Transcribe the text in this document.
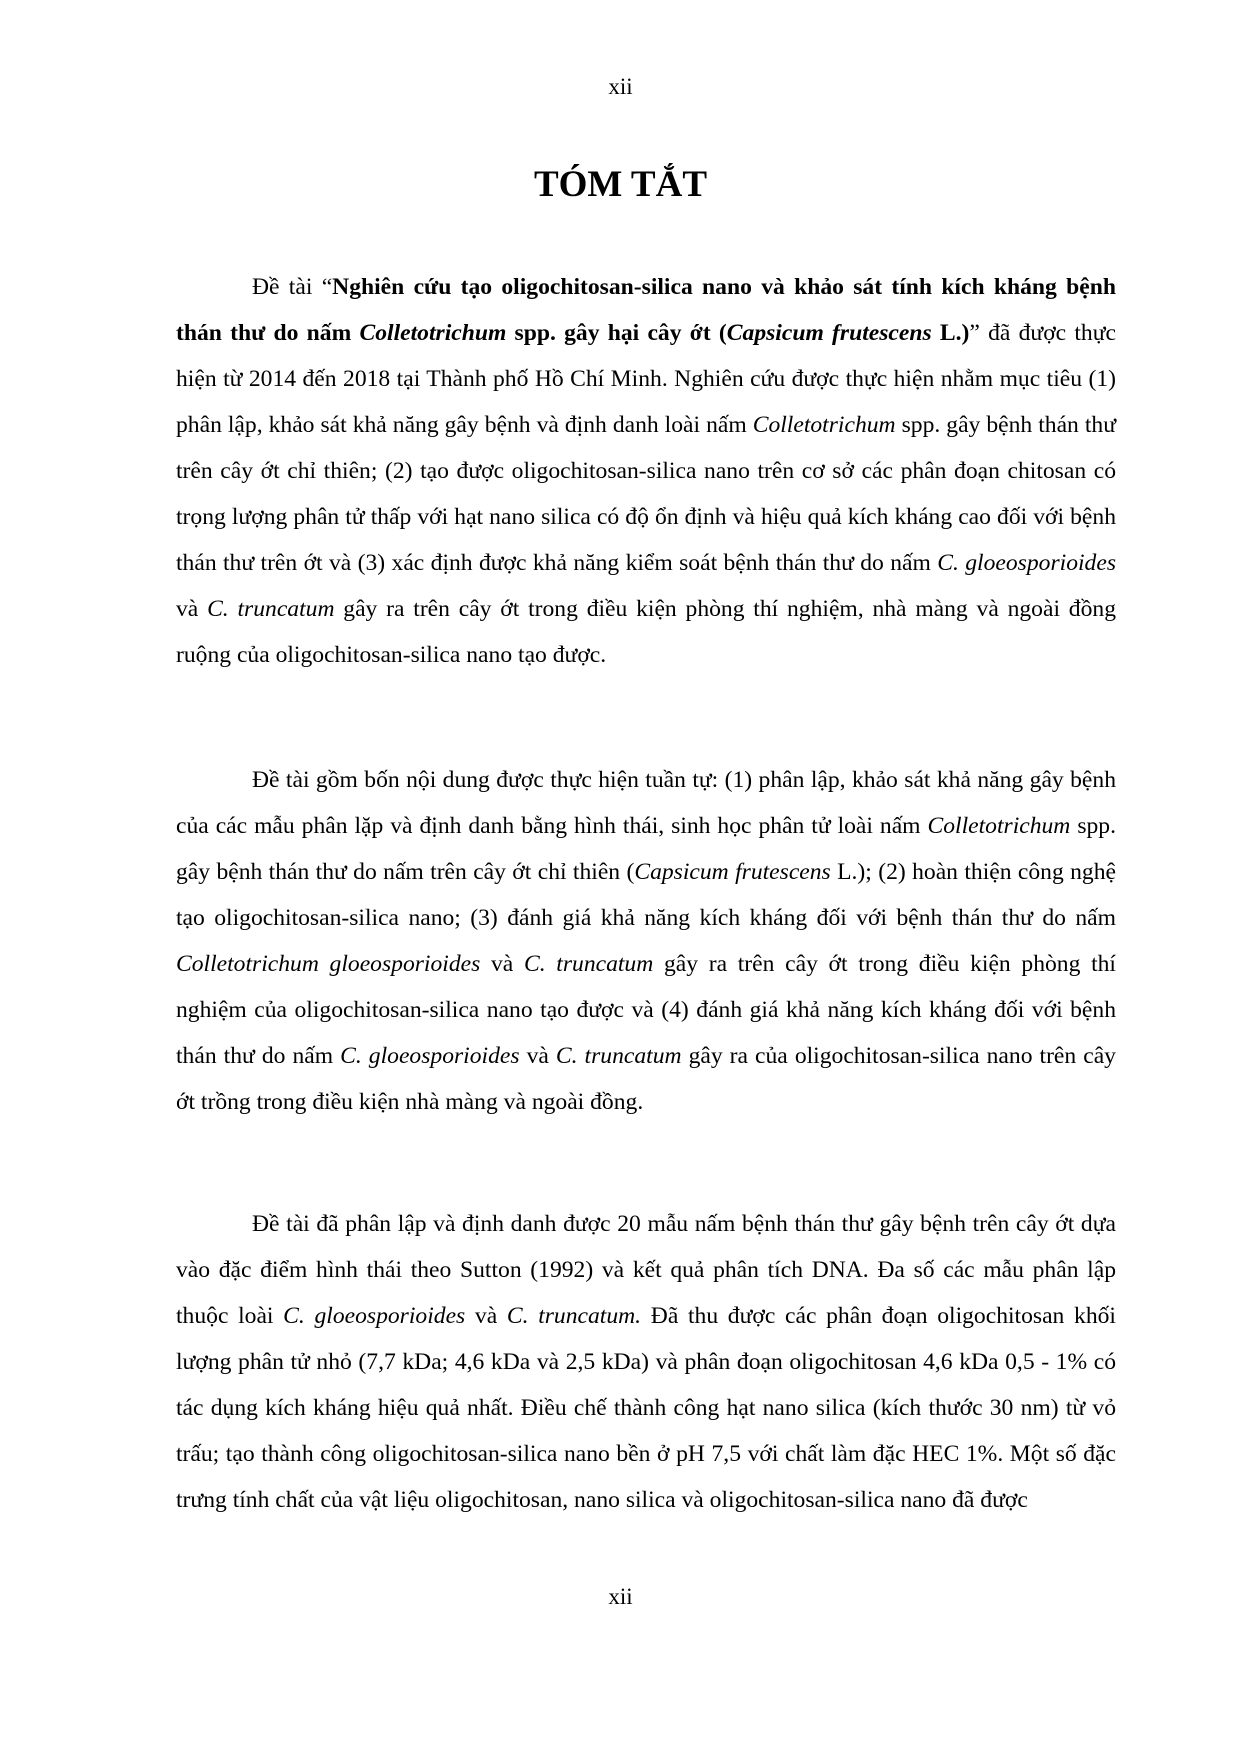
xii
TÓM TẮT

Đề tài “Nghiên cứu tạo oligochitosan-silica nano và khảo sát tính kích kháng bệnh thán thư do nấm Colletotrichum spp. gây hại cây ớt (Capsicum frutescens L.)” đã được thực hiện từ 2014 đến 2018 tại Thành phố Hồ Chí Minh. Nghiên cứu được thực hiện nhằm mục tiêu (1) phân lập, khảo sát khả năng gây bệnh và định danh loài nấm Colletotrichum spp. gây bệnh thán thư trên cây ớt chỉ thiên; (2) tạo được oligochitosan-silica nano trên cơ sở các phân đoạn chitosan có trọng lượng phân tử thấp với hạt nano silica có độ ổn định và hiệu quả kích kháng cao đối với bệnh thán thư trên ớt và (3) xác định được khả năng kiểm soát bệnh thán thư do nấm C. gloeosporioides và C. truncatum gây ra trên cây ớt trong điều kiện phòng thí nghiệm, nhà màng và ngoài đồng ruộng của oligochitosan-silica nano tạo được.

Đề tài gồm bốn nội dung được thực hiện tuần tự: (1) phân lập, khảo sát khả năng gây bệnh của các mẫu phân lặp và định danh bằng hình thái, sinh học phân tử loài nấm Colletotrichum spp. gây bệnh thán thư do nấm trên cây ớt chỉ thiên (Capsicum frutescens L.); (2) hoàn thiện công nghệ tạo oligochitosan-silica nano; (3) đánh giá khả năng kích kháng đối với bệnh thán thư do nấm Colletotrichum gloeosporioides và C. truncatum gây ra trên cây ớt trong điều kiện phòng thí nghiệm của oligochitosan-silica nano tạo được và (4) đánh giá khả năng kích kháng đối với bệnh thán thư do nấm C. gloeosporioides và C. truncatum gây ra của oligochitosan-silica nano trên cây ớt trồng trong điều kiện nhà màng và ngoài đồng.

Đề tài đã phân lập và định danh được 20 mẫu nấm bệnh thán thư gây bệnh trên cây ớt dựa vào đặc điểm hình thái theo Sutton (1992) và kết quả phân tích DNA. Đa số các mẫu phân lập thuộc loài C. gloeosporioides và C. truncatum. Đã thu được các phân đoạn oligochitosan khối lượng phân tử nhỏ (7,7 kDa; 4,6 kDa và 2,5 kDa) và phân đoạn oligochitosan 4,6 kDa 0,5 - 1% có tác dụng kích kháng hiệu quả nhất. Điều chế thành công hạt nano silica (kích thước 30 nm) từ vỏ trấu; tạo thành công oligochitosan-silica nano bền ở pH 7,5 với chất làm đặc HEC 1%. Một số đặc trưng tính chất của vật liệu oligochitosan, nano silica và oligochitosan-silica nano đã được

xii
